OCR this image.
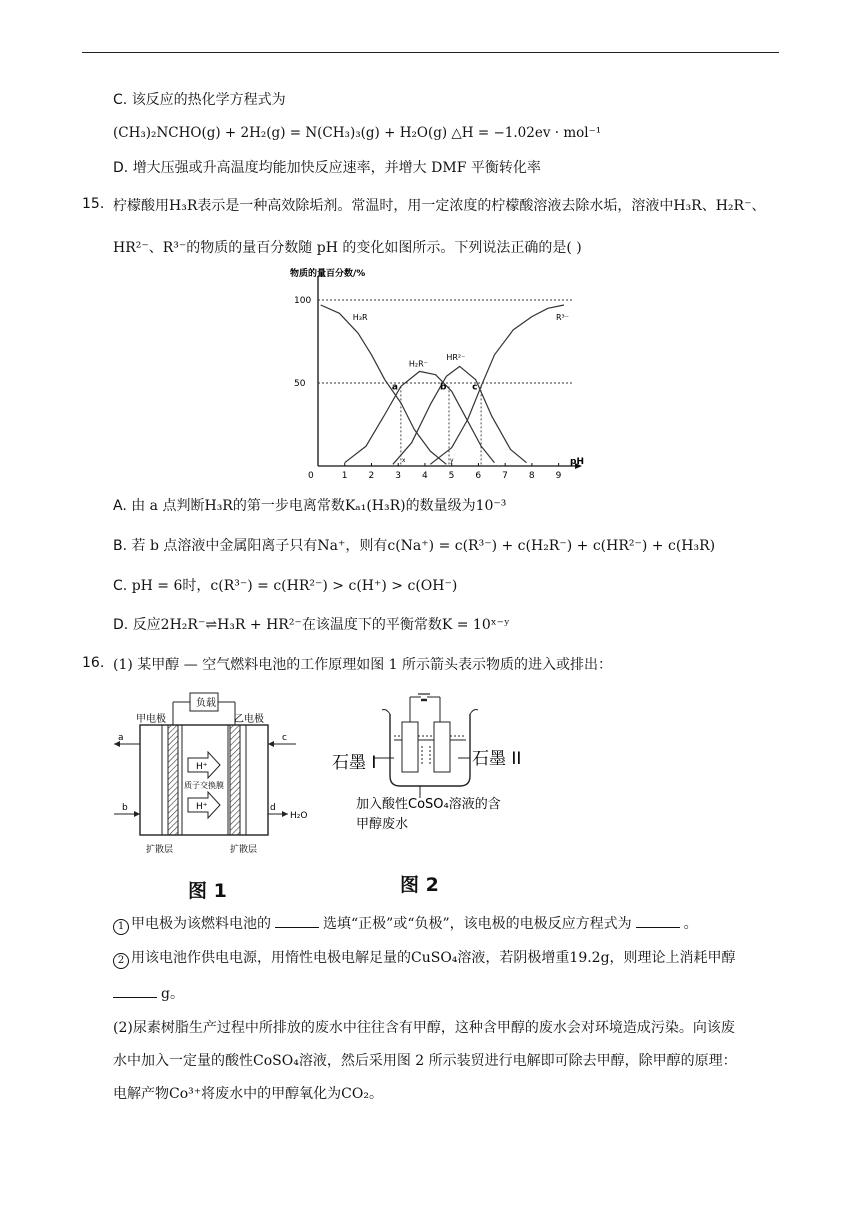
C. 该反应的热化学方程式为
(CH₃)₂NCHO(g) + 2H₂(g) = N(CH₃)₃(g) + H₂O(g) △H = −1.02ev · mol⁻¹
D. 增大压强或升高温度均能加快反应速率，并增大 DMF 平衡转化率
15. 柠檬酸用H₃R表示是一种高效除垢剂。常温时，用一定浓度的柠檬酸溶液去除水垢，溶液中H₃R、H₂R⁻、
HR²⁻、R³⁻的物质的量百分数随 pH 的变化如图所示。下列说法正确的是( )
物质的量百分数/%
pH
0	1 2 3 4 5 6 7 8 9
50
100
H₃R
H₂R⁻
HR²⁻
R³⁻
a	b	c
x	y
A. 由 a 点判断H₃R的第一步电离常数Kₐ₁(H₃R)的数量级为10⁻³
B. 若 b 点溶液中金属阳离子只有Na⁺，则有c(Na⁺) = c(R³⁻) + c(H₂R⁻) + c(HR²⁻) + c(H₃R)
C. pH = 6时，c(R³⁻) = c(HR²⁻) > c(H⁺) > c(OH⁻)
D. 反应2H₂R⁻⇌H₃R + HR²⁻在该温度下的平衡常数K = 10ˣ⁻ʸ
16. (1) 某甲醇 — 空气燃料电池的工作原理如图 1 所示箭头表示物质的进入或排出：
负载
甲电极	乙电极
H⁺
H⁺
质子交换膜
a
b
c
d
H₂O
扩散层	扩散层
图 1
石墨 I	石墨 II
加入酸性CoSO₄溶液的含
甲醇废水
图 2
1 甲电极为该燃料电池的	选填“正极”或“负极”，该电极的电极反应方程式为	。
2 用该电池作供电电源，用惰性电极电解足量的CuSO₄溶液，若阴极增重19.2g，则理论上消耗甲醇
g。
(2)尿素树脂生产过程中所排放的废水中往往含有甲醇，这种含甲醇的废水会对环境造成污染。向该废
水中加入一定量的酸性CoSO₄溶液，然后采用图 2 所示装贸进行电解即可除去甲醇，除甲醇的原理：
电解产物Co³⁺将废水中的甲醇氧化为CO₂。
